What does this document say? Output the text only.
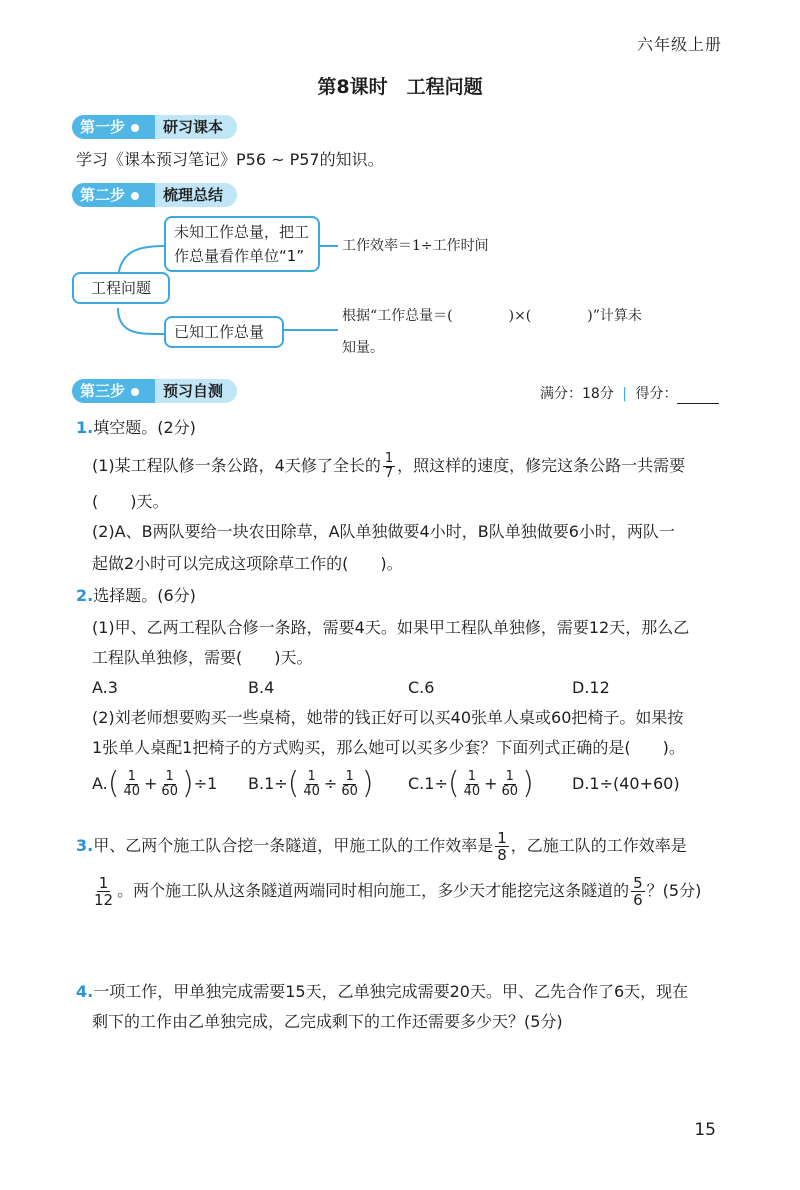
六年级上册
第8课时　工程问题
第一步	研习课本
学习《课本预习笔记》P56 ~ P57的知识。
第二步	梳理总结
工程问题
未知工作总量，把工
作总量看作单位“1”
工作效率＝1÷工作时间
已知工作总量
根据“工作总量＝(　　　　)×(　　　　)”计算未
知量。
第三步	预习自测	满分：18分 | 得分：
1.填空题。(2分)
(1)某工程队修一条公路，4天修了全长的 $\frac{1}{7}$ ，照这样的速度，修完这条公路一共需要
(　　)天。
(2)A、B两队要给一块农田除草，A队单独做要4小时，B队单独做要6小时，两队一
起做2小时可以完成这项除草工作的(　　)。
2.选择题。(6分)
(1)甲、乙两工程队合修一条路，需要4天。如果甲工程队单独修，需要12天，那么乙
工程队单独修，需要(　　)天。
A.3	B.4	C.6	D.12
(2)刘老师想要购买一些桌椅，她带的钱正好可以买40张单人桌或60把椅子。如果按
1张单人桌配1把椅子的方式购买，那么她可以买多少套？下面列式正确的是(　　)。
A. ( $\frac{1}{40} + \frac{1}{60}$ ) ÷1 B.1÷ ( $\frac{1}{40} \div \frac{1}{60}$ ) C.1÷ ( $\frac{1}{40} + \frac{1}{60}$ ) D.1÷(40+60)
3. 甲、乙两个施工队合挖一条隧道，甲施工队的工作效率是 $\frac{1}{8}$ ，乙施工队的工作效率是
$\frac{1}{12}$ 。两个施工队从这条隧道两端同时相向施工，多少天才能挖完这条隧道的 $\frac{5}{6}$ ？(5分)
4.一项工作，甲单独完成需要15天，乙单独完成需要20天。甲、乙先合作了6天，现在
剩下的工作由乙单独完成，乙完成剩下的工作还需要多少天？(5分)
15
